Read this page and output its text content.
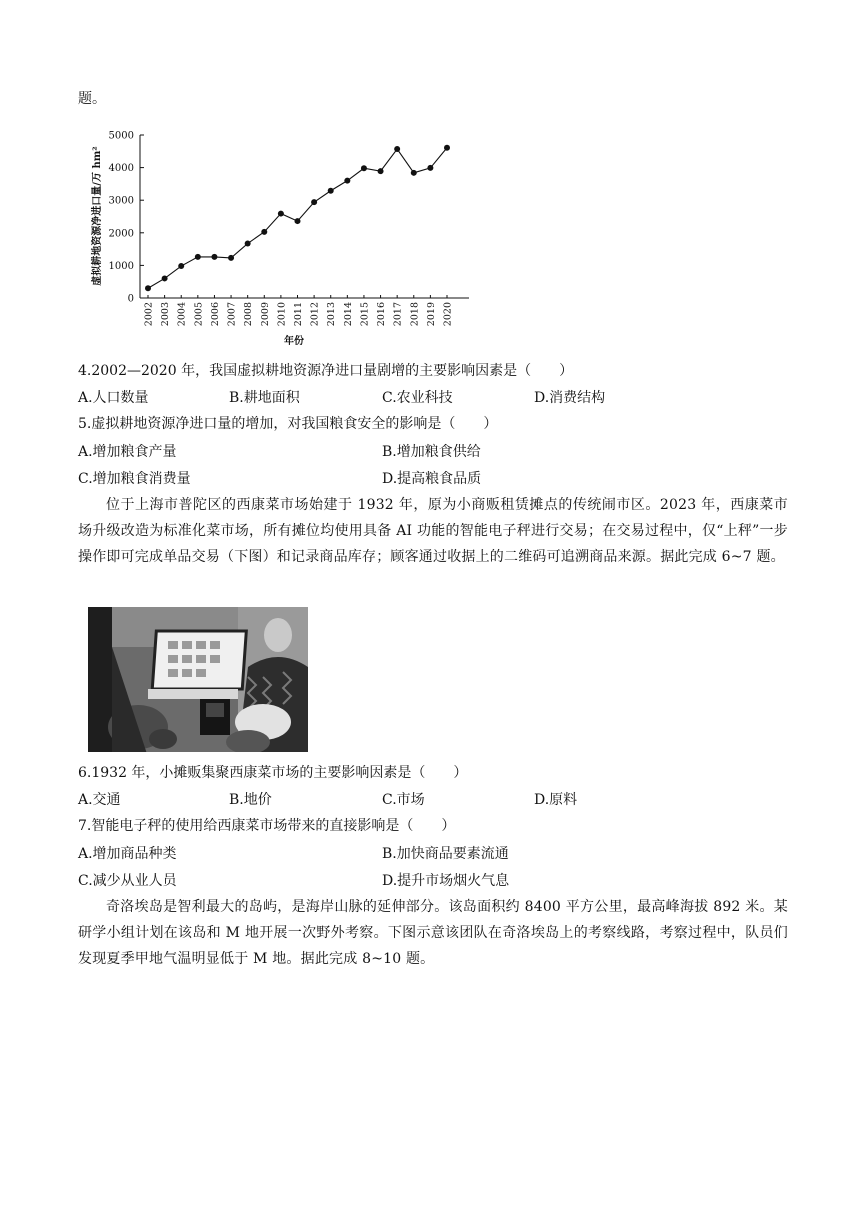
题。
虚拟耕地资源净进口量/万 hm²
0
1000
2000
3000
4000
5000
2002 2003 2004 2005 2006 2007 2008 2009 2010 2011 2012 2013 2014 2015 2016 2017 2018 2019 2020
年份
4.2002—2020 年，我国虚拟耕地资源净进口量剧增的主要影响因素是（　　）
A.人口数量	B.耕地面积	C.农业科技	D.消费结构
5.虚拟耕地资源净进口量的增加，对我国粮食安全的影响是（　　）
A.增加粮食产量	B.增加粮食供给
C.增加粮食消费量	D.提高粮食品质

位于上海市普陀区的西康菜市场始建于 1932 年，原为小商贩租赁摊点的传统闹市区。2023 年，西康菜市场升级改造为标准化菜市场，所有摊位均使用具备 AI 功能的智能电子秤进行交易；在交易过程中，仅“上秤”一步操作即可完成单品交易（下图）和记录商品库存；顾客通过收据上的二维码可追溯商品来源。据此完成 6~7 题。

6.1932 年，小摊贩集聚西康菜市场的主要影响因素是（　　）
A.交通	B.地价	C.市场	D.原料
7.智能电子秤的使用给西康菜市场带来的直接影响是（　　）
A.增加商品种类	B.加快商品要素流通
C.减少从业人员	D.提升市场烟火气息

奇洛埃岛是智利最大的岛屿，是海岸山脉的延伸部分。该岛面积约 8400 平方公里，最高峰海拔 892 米。某研学小组计划在该岛和 M 地开展一次野外考察。下图示意该团队在奇洛埃岛上的考察线路，考察过程中，队员们发现夏季甲地气温明显低于 M 地。据此完成 8~10 题。
